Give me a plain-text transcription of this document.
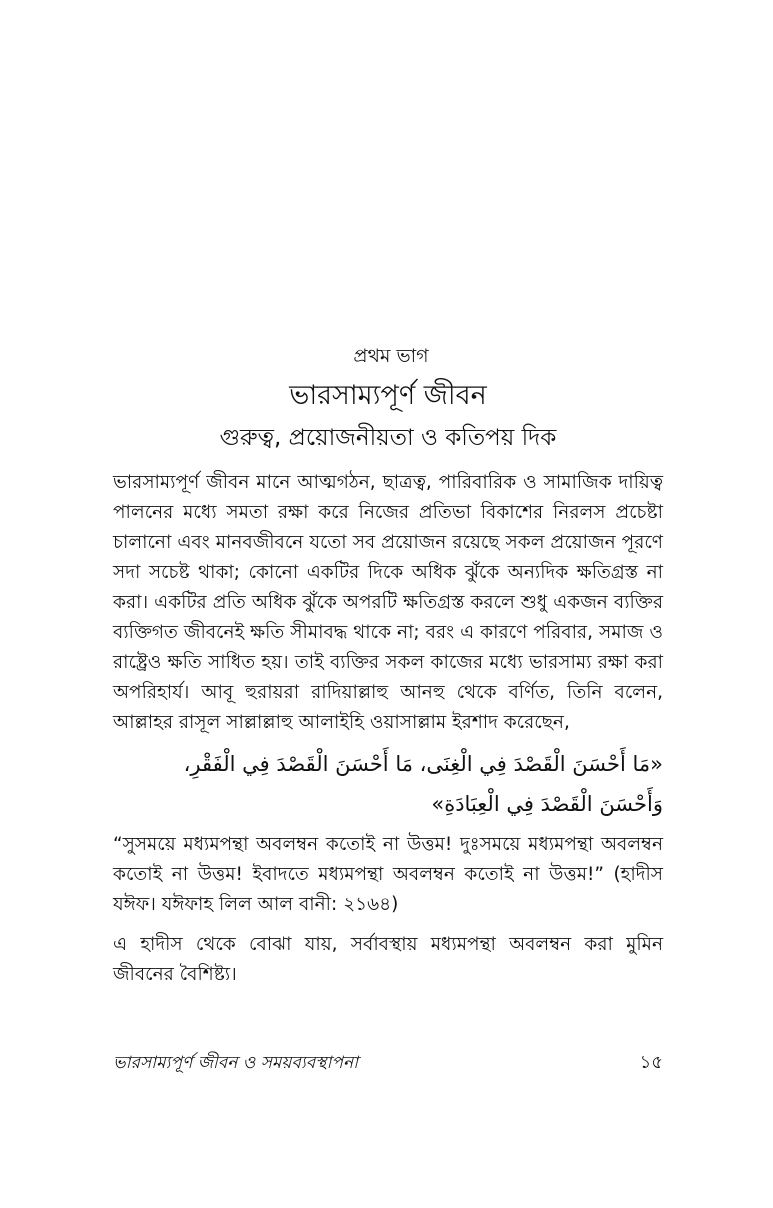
প্রথম ভাগ

ভারসাম্যপূর্ণ জীবন
গুরুত্ব, প্রয়োজনীয়তা ও কতিপয় দিক

ভারসাম্যপূর্ণ জীবন মানে আত্মগঠন, ছাত্রত্ব, পারিবারিক ও সামাজিক দায়িত্ব পালনের মধ্যে সমতা রক্ষা করে নিজের প্রতিভা বিকাশের নিরলস প্রচেষ্টা চালানো এবং মানবজীবনে যতো সব প্রয়োজন রয়েছে সকল প্রয়োজন পূরণে সদা সচেষ্ট থাকা; কোনো একটির দিকে অধিক ঝুঁকে অন্যদিক ক্ষতিগ্রস্ত না করা। একটির প্রতি অধিক ঝুঁকে অপরটি ক্ষতিগ্রস্ত করলে শুধু একজন ব্যক্তির ব্যক্তিগত জীবনেই ক্ষতি সীমাবদ্ধ থাকে না; বরং এ কারণে পরিবার, সমাজ ও রাষ্ট্রেও ক্ষতি সাধিত হয়। তাই ব্যক্তির সকল কাজের মধ্যে ভারসাম্য রক্ষা করা অপরিহার্য। আবূ হুরায়রা রাদিয়াল্লাহু আনহু থেকে বর্ণিত, তিনি বলেন, আল্লাহর রাসূল সাল্লাল্লাহু আলাইহি ওয়াসাল্লাম ইরশাদ করেছেন,

«مَا أَحْسَنَ الْقَصْدَ فِي الْغِنَى، مَا أَحْسَنَ الْقَصْدَ فِي الْفَقْرِ،
وَأَحْسَنَ الْقَصْدَ فِي الْعِبَادَةِ»

“সুসময়ে মধ্যমপন্থা অবলম্বন কতোই না উত্তম! দুঃসময়ে মধ্যমপন্থা অবলম্বন কতোই না উত্তম! ইবাদতে মধ্যমপন্থা অবলম্বন কতোই না উত্তম!” (হাদীস যঈফ। যঈফাহ লিল আল বানী: ২১৬৪)

এ হাদীস থেকে বোঝা যায়, সর্বাবস্থায় মধ্যমপন্থা অবলম্বন করা মুমিন জীবনের বৈশিষ্ট্য।

ভারসাম্যপূর্ণ জীবন ও সময়ব্যবস্থাপনা	১৫
